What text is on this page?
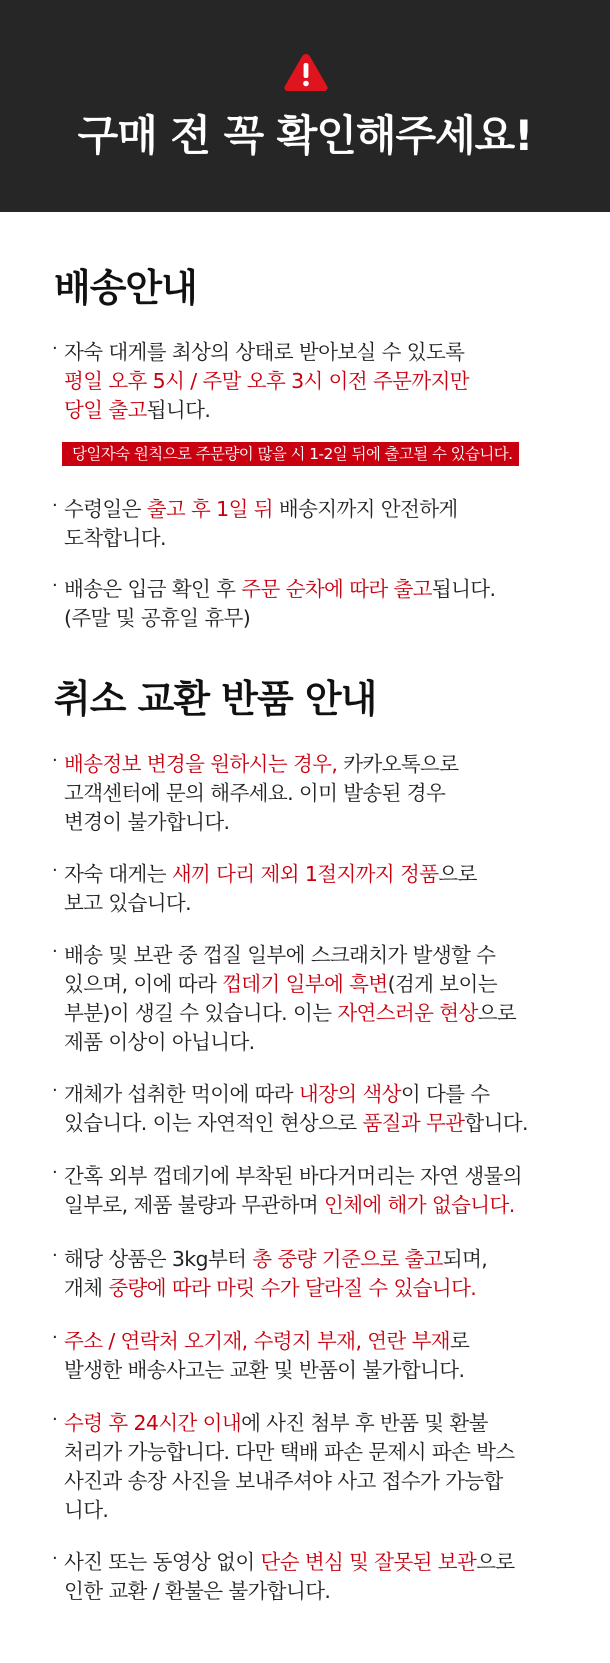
구매 전 꼭 확인해주세요!
배송안내

· 자숙 대게를 최상의 상태로 받아보실 수 있도록

평일 오후 5시 / 주말 오후 3시 이전 주문까지만

당일 출고됩니다.

당일자숙 원칙으로 주문량이 많을 시 1-2일 뒤에 출고될 수 있습니다.

· 수령일은 출고 후 1일 뒤 배송지까지 안전하게

도착합니다.

· 배송은 입금 확인 후 주문 순차에 따라 출고됩니다.

(주말 및 공휴일 휴무)

취소 교환 반품 안내

· 배송정보 변경을 원하시는 경우, 카카오톡으로

고객센터에 문의 해주세요. 이미 발송된 경우

변경이 불가합니다.

· 자숙 대게는 새끼 다리 제외 1절지까지 정품으로

보고 있습니다.

· 배송 및 보관 중 껍질 일부에 스크래치가 발생할 수

있으며, 이에 따라 껍데기 일부에 흑변(검게 보이는

부분)이 생길 수 있습니다. 이는 자연스러운 현상으로

제품 이상이 아닙니다.

· 개체가 섭취한 먹이에 따라 내장의 색상이 다를 수

있습니다. 이는 자연적인 현상으로 품질과 무관합니다.

· 간혹 외부 껍데기에 부착된 바다거머리는 자연 생물의

일부로, 제품 불량과 무관하며 인체에 해가 없습니다.

· 해당 상품은 3kg부터 총 중량 기준으로 출고되며,

개체 중량에 따라 마릿 수가 달라질 수 있습니다.

· 주소 / 연락처 오기재, 수령지 부재, 연란 부재로

발생한 배송사고는 교환 및 반품이 불가합니다.

· 수령 후 24시간 이내에 사진 첨부 후 반품 및 환불

처리가 가능합니다. 다만 택배 파손 문제시 파손 박스

사진과 송장 사진을 보내주셔야 사고 접수가 가능합

니다.

· 사진 또는 동영상 없이 단순 변심 및 잘못된 보관으로

인한 교환 / 환불은 불가합니다.
